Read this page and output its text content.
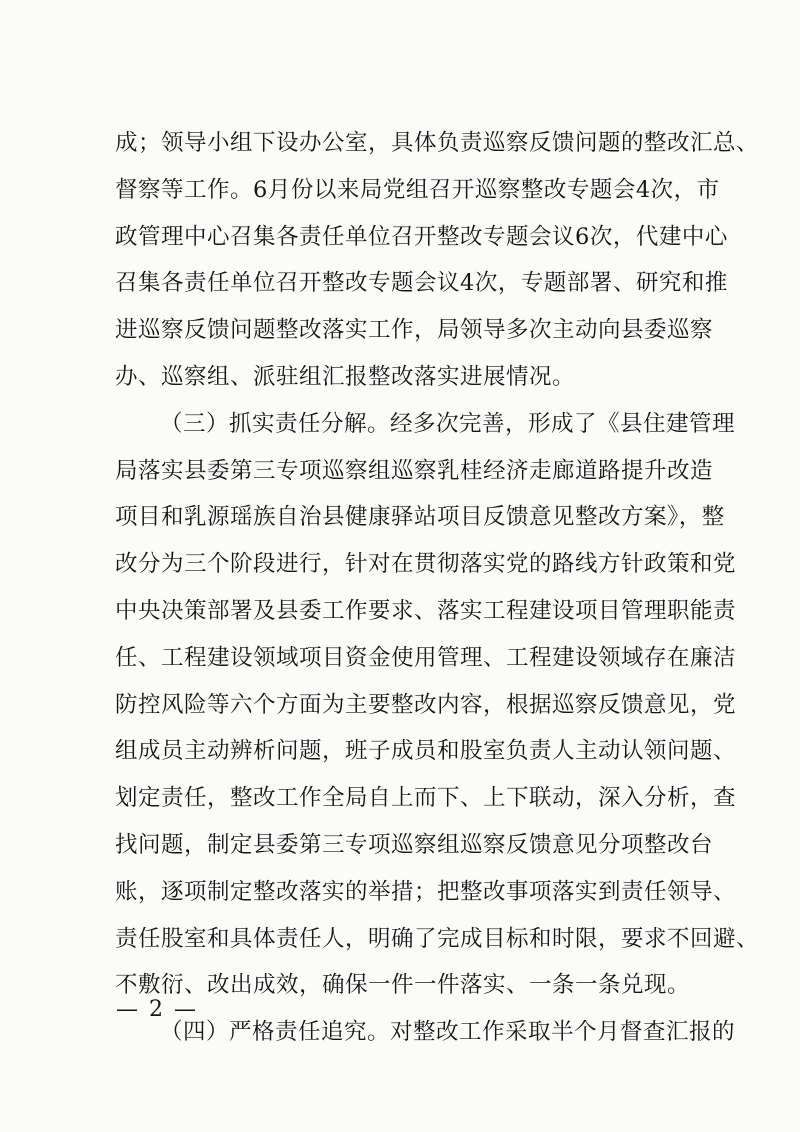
成；领导小组下设办公室，具体负责巡察反馈问题的整改汇总、
督察等工作。6月份以来局党组召开巡察整改专题会4次，市
政管理中心召集各责任单位召开整改专题会议6次，代建中心
召集各责任单位召开整改专题会议4次，专题部署、研究和推
进巡察反馈问题整改落实工作，局领导多次主动向县委巡察
办、巡察组、派驻组汇报整改落实进展情况。
（三）抓实责任分解。经多次完善，形成了《县住建管理
局落实县委第三专项巡察组巡察乳桂经济走廊道路提升改造
项目和乳源瑶族自治县健康驿站项目反馈意见整改方案》，整
改分为三个阶段进行，针对在贯彻落实党的路线方针政策和党
中央决策部署及县委工作要求、落实工程建设项目管理职能责
任、工程建设领域项目资金使用管理、工程建设领域存在廉洁
防控风险等六个方面为主要整改内容，根据巡察反馈意见，党
组成员主动辨析问题，班子成员和股室负责人主动认领问题、
划定责任，整改工作全局自上而下、上下联动，深入分析，查
找问题，制定县委第三专项巡察组巡察反馈意见分项整改台
账，逐项制定整改落实的举措；把整改事项落实到责任领导、
责任股室和具体责任人，明确了完成目标和时限，要求不回避、
不敷衍、改出成效，确保一件一件落实、一条一条兑现。
（四）严格责任追究。对整改工作采取半个月督查汇报的
— 2 —
